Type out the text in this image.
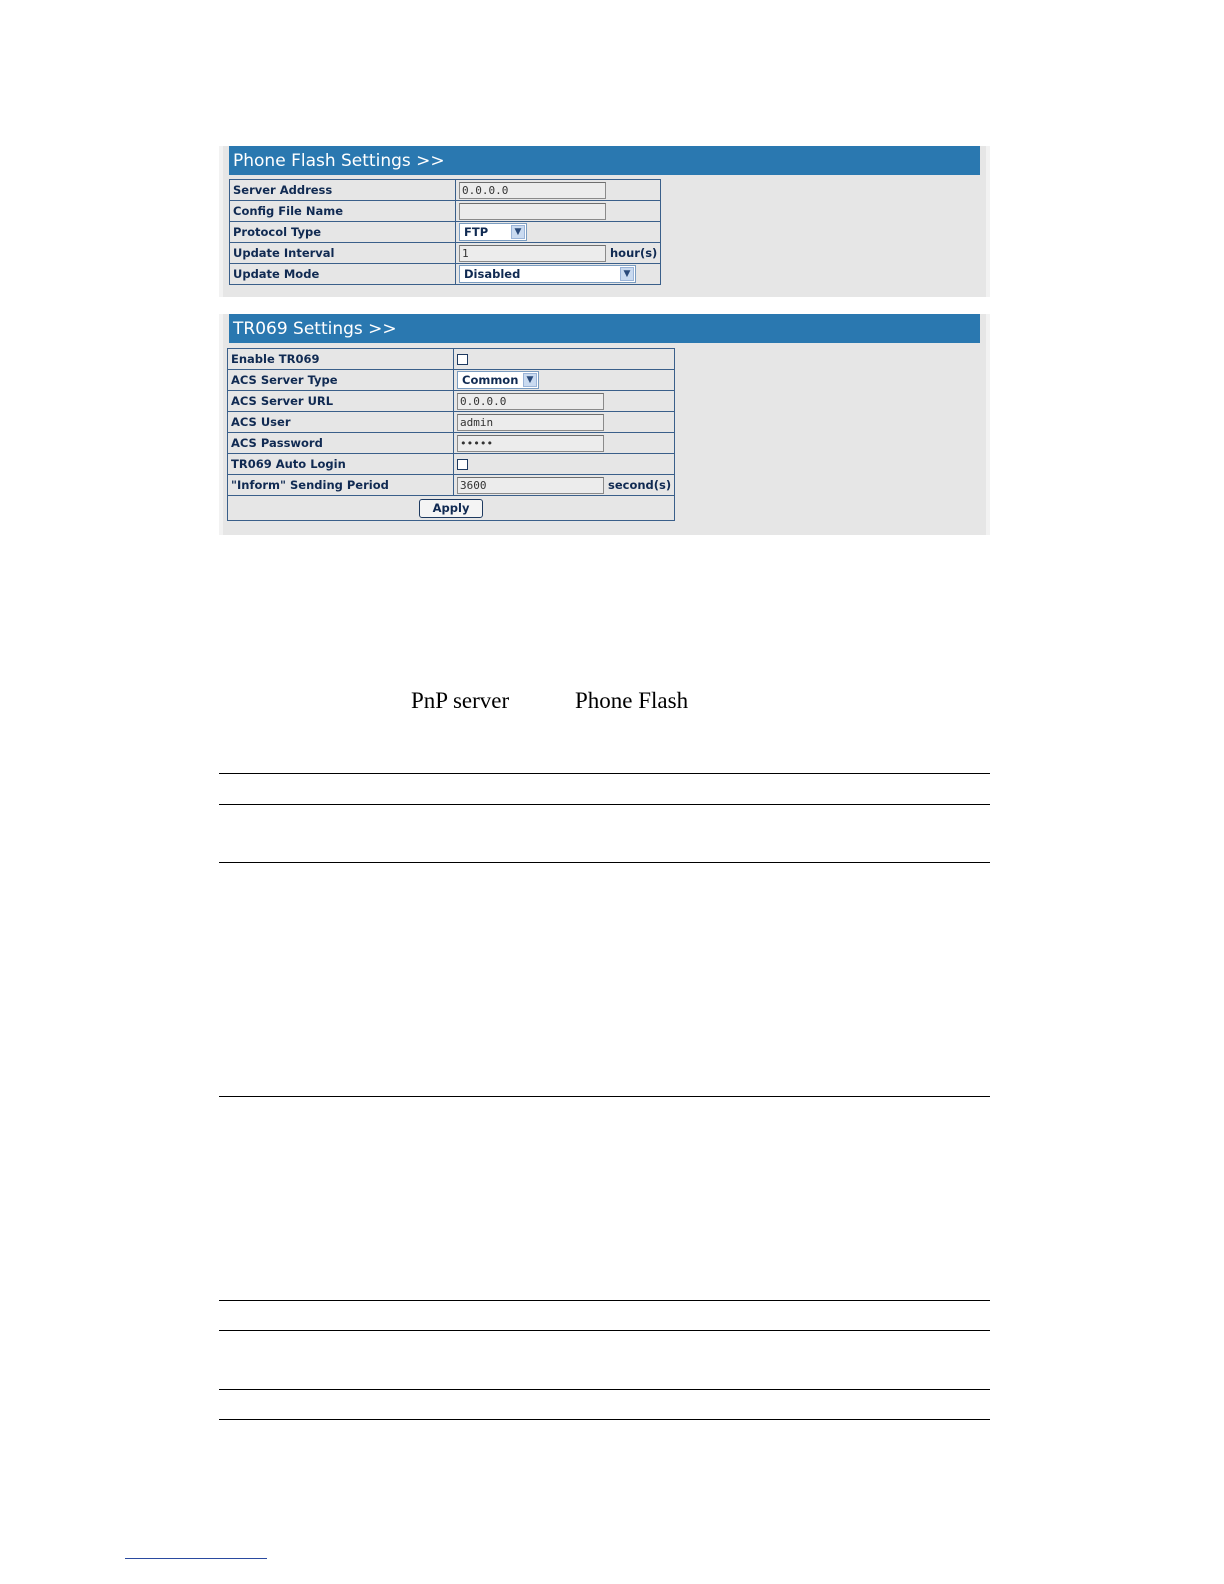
Phone Flash Settings >>
Server Address	0.0.0.0
Config File Name	
Protocol Type	FTP ▼

Update Interval	1 hour(s)
Update Mode	Disabled ▼
TR069 Settings >>
Enable TR069	
ACS Server Type	Common ▼

ACS Server URL	0.0.0.0
ACS User	admin
ACS Password	•••••
TR069 Auto Login	
"Inform" Sending Period	3600 second(s)
Apply	
PnP server	Phone Flash
